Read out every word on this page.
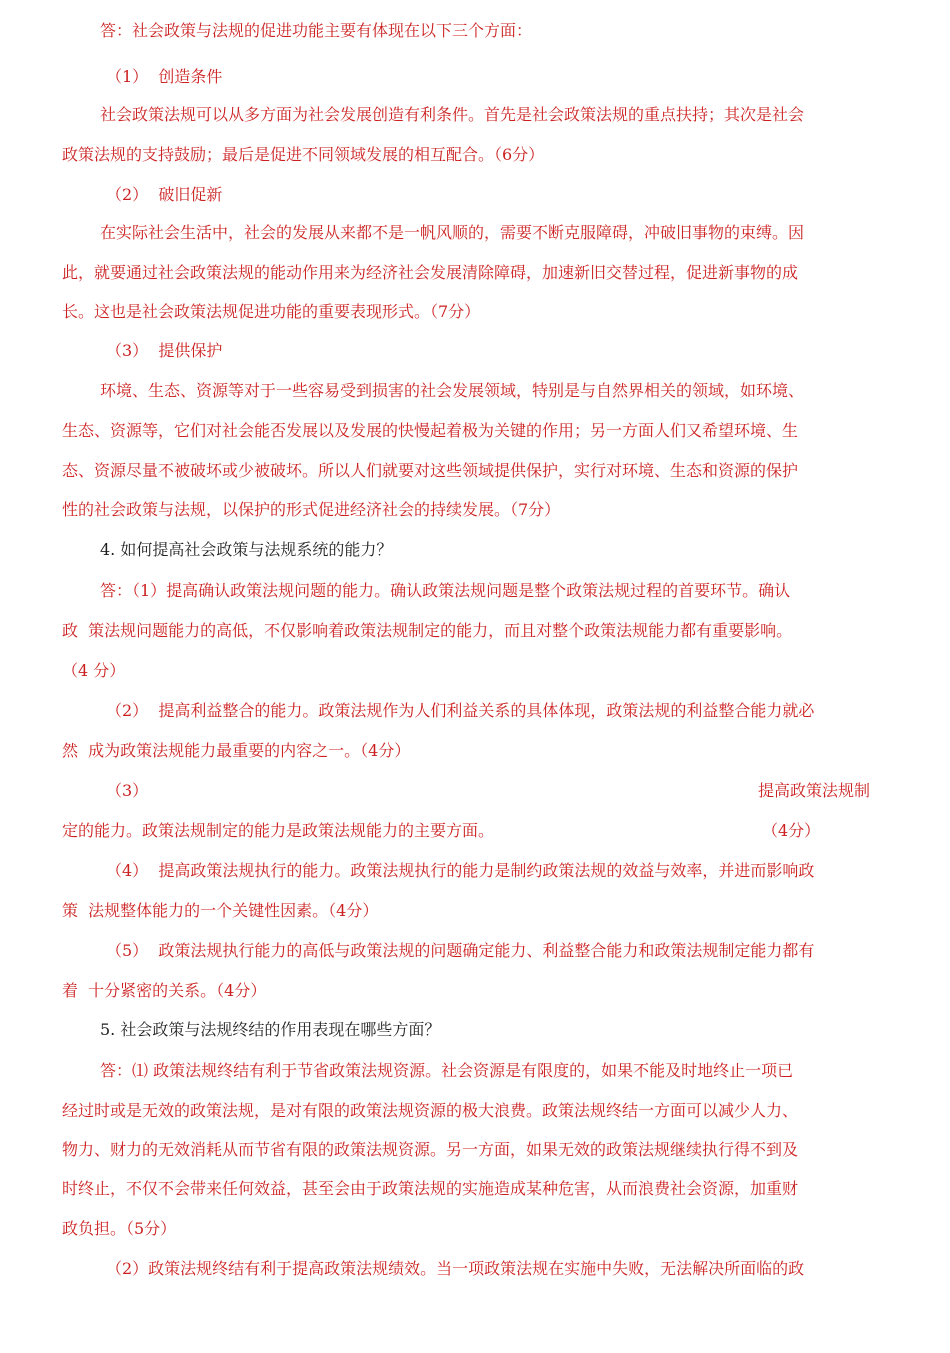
答：社会政策与法规的促进功能主要有体现在以下三个方面：
（1）  创造条件
社会政策法规可以从多方面为社会发展创造有利条件。首先是社会政策法规的重点扶持；其次是社会
政策法规的支持鼓励；最后是促进不同领域发展的相互配合。（6分）
（2）  破旧促新
在实际社会生活中，社会的发展从来都不是一帆风顺的，需要不断克服障碍，冲破旧事物的束缚。因
此，就要通过社会政策法规的能动作用来为经济社会发展清除障碍，加速新旧交替过程，促进新事物的成
长。这也是社会政策法规促进功能的重要表现形式。（7分）
（3）  提供保护
环境、生态、资源等对于一些容易受到损害的社会发展领域，特别是与自然界相关的领域，如环境、
生态、资源等，它们对社会能否发展以及发展的快慢起着极为关键的作用；另一方面人们又希望环境、生
态、资源尽量不被破坏或少被破坏。所以人们就要对这些领域提供保护，实行对环境、生态和资源的保护
性的社会政策与法规，以保护的形式促进经济社会的持续发展。（7分）
4. 如何提高社会政策与法规系统的能力？
答：（1）提高确认政策法规问题的能力。确认政策法规问题是整个政策法规过程的首要环节。确认
政  策法规问题能力的高低，不仅影响着政策法规制定的能力，而且对整个政策法规能力都有重要影响。
（4 分）
（2）  提高利益整合的能力。政策法规作为人们利益关系的具体体现，政策法规的利益整合能力就必
然  成为政策法规能力最重要的内容之一。（4分）
（3）	提高政策法规制
定的能力。政策法规制定的能力是政策法规能力的主要方面。	（4分）
（4）  提高政策法规执行的能力。政策法规执行的能力是制约政策法规的效益与效率，并进而影响政
策  法规整体能力的一个关键性因素。（4分）
（5）  政策法规执行能力的高低与政策法规的问题确定能力、利益整合能力和政策法规制定能力都有
着  十分紧密的关系。（4分）
5. 社会政策与法规终结的作用表现在哪些方面？
答：⑴ 政策法规终结有利于节省政策法规资源。社会资源是有限度的，如果不能及时地终止一项已
经过时或是无效的政策法规，是对有限的政策法规资源的极大浪费。政策法规终结一方面可以减少人力、
物力、财力的无效消耗从而节省有限的政策法规资源。另一方面，如果无效的政策法规继续执行得不到及
时终止，不仅不会带来任何效益，甚至会由于政策法规的实施造成某种危害，从而浪费社会资源，加重财
政负担。（5分）
（2）政策法规终结有利于提高政策法规绩效。当一项政策法规在实施中失败，无法解决所面临的政
